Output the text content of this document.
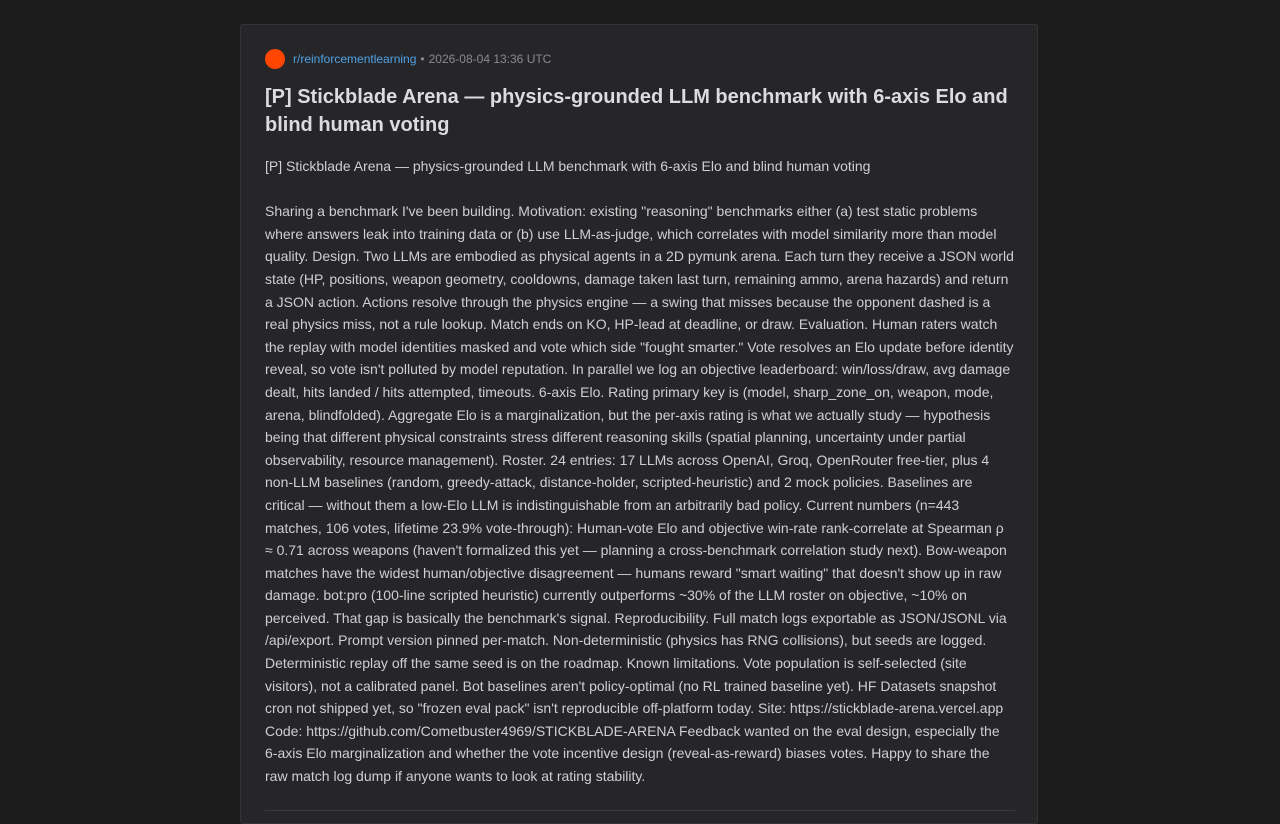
r/reinforcementlearning • 2026-08-04 13:36 UTC
[P] Stickblade Arena — physics-grounded LLM benchmark with 6-axis Elo and blind human voting

[P] Stickblade Arena — physics-grounded LLM benchmark with 6-axis Elo and blind human voting

Sharing a benchmark I've been building. Motivation: existing "reasoning" benchmarks either (a) test static problems where answers leak into training data or (b) use LLM-as-judge, which correlates with model similarity more than model quality. Design. Two LLMs are embodied as physical agents in a 2D pymunk arena. Each turn they receive a JSON world state (HP, positions, weapon geometry, cooldowns, damage taken last turn, remaining ammo, arena hazards) and return a JSON action. Actions resolve through the physics engine — a swing that misses because the opponent dashed is a real physics miss, not a rule lookup. Match ends on KO, HP-lead at deadline, or draw. Evaluation. Human raters watch the replay with model identities masked and vote which side "fought smarter." Vote resolves an Elo update before identity reveal, so vote isn't polluted by model reputation. In parallel we log an objective leaderboard: win/loss/draw, avg damage dealt, hits landed / hits attempted, timeouts. 6-axis Elo. Rating primary key is (model, sharp_zone_on, weapon, mode, arena, blindfolded). Aggregate Elo is a marginalization, but the per-axis rating is what we actually study — hypothesis being that different physical constraints stress different reasoning skills (spatial planning, uncertainty under partial observability, resource management). Roster. 24 entries: 17 LLMs across OpenAI, Groq, OpenRouter free-tier, plus 4 non-LLM baselines (random, greedy-attack, distance-holder, scripted-heuristic) and 2 mock policies. Baselines are critical — without them a low-Elo LLM is indistinguishable from an arbitrarily bad policy. Current numbers (n=443 matches, 106 votes, lifetime 23.9% vote-through): Human-vote Elo and objective win-rate rank-correlate at Spearman ρ ≈ 0.71 across weapons (haven't formalized this yet — planning a cross-benchmark correlation study next). Bow-weapon matches have the widest human/objective disagreement — humans reward "smart waiting" that doesn't show up in raw damage. bot:pro (100-line scripted heuristic) currently outperforms ~30% of the LLM roster on objective, ~10% on perceived. That gap is basically the benchmark's signal. Reproducibility. Full match logs exportable as JSON/JSONL via /api/export. Prompt version pinned per-match. Non-deterministic (physics has RNG collisions), but seeds are logged. Deterministic replay off the same seed is on the roadmap. Known limitations. Vote population is self-selected (site visitors), not a calibrated panel. Bot baselines aren't policy-optimal (no RL trained baseline yet). HF Datasets snapshot cron not shipped yet, so "frozen eval pack" isn't reproducible off-platform today. Site: https://stickblade-arena.vercel.app Code: https://github.com/Cometbuster4969/STICKBLADE-ARENA Feedback wanted on the eval design, especially the 6-axis Elo marginalization and whether the vote incentive design (reveal-as-reward) biases votes. Happy to share the raw match log dump if anyone wants to look at rating stability.
